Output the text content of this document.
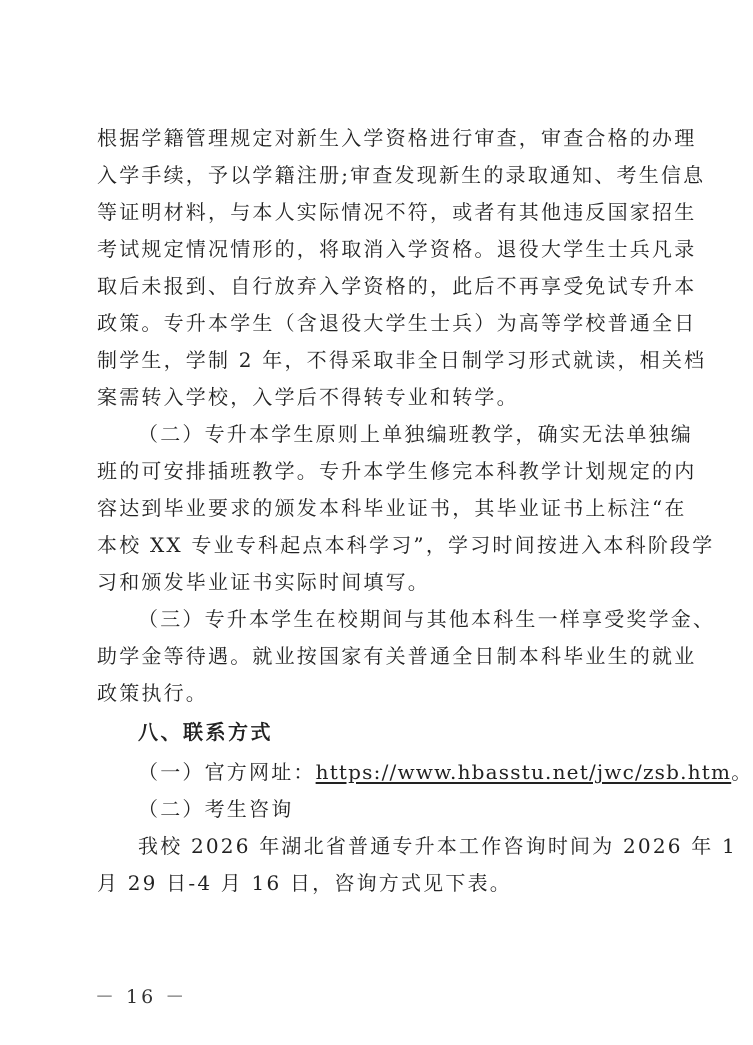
根据学籍管理规定对新生入学资格进行审查，审查合格的办理
入学手续，予以学籍注册;审查发现新生的录取通知、考生信息
等证明材料，与本人实际情况不符，或者有其他违反国家招生
考试规定情况情形的，将取消入学资格。退役大学生士兵凡录
取后未报到、自行放弃入学资格的，此后不再享受免试专升本
政策。专升本学生（含退役大学生士兵）为高等学校普通全日
制学生，学制 2 年，不得采取非全日制学习形式就读，相关档
案需转入学校，入学后不得转专业和转学。
（二）专升本学生原则上单独编班教学，确实无法单独编
班的可安排插班教学。专升本学生修完本科教学计划规定的内
容达到毕业要求的颁发本科毕业证书，其毕业证书上标注“在
本校 XX 专业专科起点本科学习”，学习时间按进入本科阶段学
习和颁发毕业证书实际时间填写。
（三）专升本学生在校期间与其他本科生一样享受奖学金、
助学金等待遇。就业按国家有关普通全日制本科毕业生的就业
政策执行。
八、联系方式
（一）官方网址：https://www.hbasstu.net/jwc/zsb.htm。
（二）考生咨询
我校 2026 年湖北省普通专升本工作咨询时间为 2026 年 1
月 29 日-4 月 16 日，咨询方式见下表。
－ 16 －
